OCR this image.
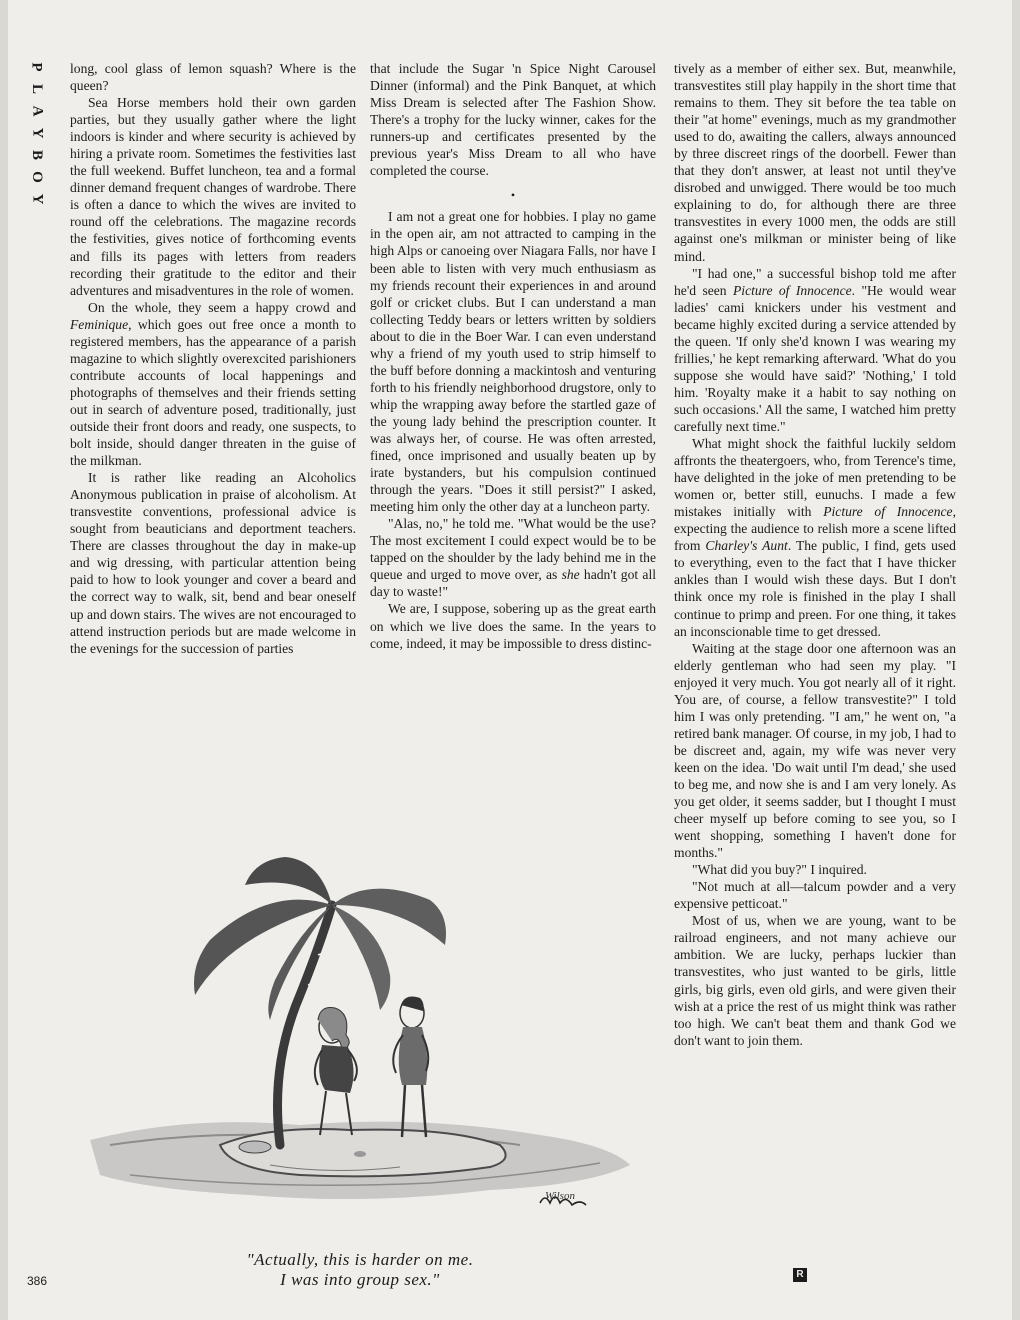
P
L
A
Y
B
O
Y

long, cool glass of lemon squash? Where is the queen?

Sea Horse members hold their own garden parties, but they usually gather where the light indoors is kinder and where security is achieved by hiring a private room. Sometimes the festivities last the full weekend. Buffet luncheon, tea and a formal dinner demand frequent changes of wardrobe. There is often a dance to which the wives are invited to round off the celebrations. The magazine records the festivities, gives notice of forthcoming events and fills its pages with letters from readers recording their gratitude to the editor and their adventures and misadventures in the role of women.

On the whole, they seem a happy crowd and Feminique, which goes out free once a month to registered members, has the appearance of a parish magazine to which slightly overexcited parishioners contribute accounts of local happenings and photographs of themselves and their friends setting out in search of adventure posed, traditionally, just outside their front doors and ready, one suspects, to bolt inside, should danger threaten in the guise of the milkman.

It is rather like reading an Alcoholics Anonymous publication in praise of alcoholism. At transvestite conventions, professional advice is sought from beauticians and deportment teachers. There are classes throughout the day in make-up and wig dressing, with particular attention being paid to how to look younger and cover a beard and the correct way to walk, sit, bend and bear oneself up and down stairs. The wives are not encouraged to attend instruction periods but are made welcome in the evenings for the succession of parties

that include the Sugar 'n Spice Night Carousel Dinner (informal) and the Pink Banquet, at which Miss Dream is selected after The Fashion Show. There's a trophy for the lucky winner, cakes for the runners-up and certificates presented by the previous year's Miss Dream to all who have completed the course.

•

I am not a great one for hobbies. I play no game in the open air, am not attracted to camping in the high Alps or canoeing over Niagara Falls, nor have I been able to listen with very much enthusiasm as my friends recount their experiences in and around golf or cricket clubs. But I can understand a man collecting Teddy bears or letters written by soldiers about to die in the Boer War. I can even understand why a friend of my youth used to strip himself to the buff before donning a mackintosh and venturing forth to his friendly neighborhood drugstore, only to whip the wrapping away before the startled gaze of the young lady behind the prescription counter. It was always her, of course. He was often arrested, fined, once imprisoned and usually beaten up by irate bystanders, but his compulsion continued through the years. "Does it still persist?" I asked, meeting him only the other day at a luncheon party.

"Alas, no," he told me. "What would be the use? The most excitement I could expect would be to be tapped on the shoulder by the lady behind me in the queue and urged to move over, as she hadn't got all day to waste!"

We are, I suppose, sobering up as the great earth on which we live does the same. In the years to come, indeed, it may be impossible to dress distinc-

tively as a member of either sex. But, meanwhile, transvestites still play happily in the short time that remains to them. They sit before the tea table on their "at home" evenings, much as my grandmother used to do, awaiting the callers, always announced by three discreet rings of the doorbell. Fewer than that they don't answer, at least not until they've disrobed and unwigged. There would be too much explaining to do, for although there are three transvestites in every 1000 men, the odds are still against one's milkman or minister being of like mind.

"I had one," a successful bishop told me after he'd seen Picture of Innocence. "He would wear ladies' cami knickers under his vestment and became highly excited during a service attended by the queen. 'If only she'd known I was wearing my frillies,' he kept remarking afterward. 'What do you suppose she would have said?' 'Nothing,' I told him. 'Royalty make it a habit to say nothing on such occasions.' All the same, I watched him pretty carefully next time."

What might shock the faithful luckily seldom affronts the theatergoers, who, from Terence's time, have delighted in the joke of men pretending to be women or, better still, eunuchs. I made a few mistakes initially with Picture of Innocence, expecting the audience to relish more a scene lifted from Charley's Aunt. The public, I find, gets used to everything, even to the fact that I have thicker ankles than I would wish these days. But I don't think once my role is finished in the play I shall continue to primp and preen. For one thing, it takes an inconscionable time to get dressed.

Waiting at the stage door one afternoon was an elderly gentleman who had seen my play. "I enjoyed it very much. You got nearly all of it right. You are, of course, a fellow transvestite?" I told him I was only pretending. "I am," he went on, "a retired bank manager. Of course, in my job, I had to be discreet and, again, my wife was never very keen on the idea. 'Do wait until I'm dead,' she used to beg me, and now she is and I am very lonely. As you get older, it seems sadder, but I thought I must cheer myself up before coming to see you, so I went shopping, something I haven't done for months."

"What did you buy?" I inquired.

"Not much at all—talcum powder and a very expensive petticoat."

Most of us, when we are young, want to be railroad engineers, and not many achieve our ambition. We are lucky, perhaps luckier than transvestites, who just wanted to be girls, little girls, big girls, even old girls, and were given their wish at a price the rest of us might think was rather too high. We can't beat them and thank God we don't want to join them.

Wilson
"Actually, this is harder on me.
I was into group sex."
386	R
